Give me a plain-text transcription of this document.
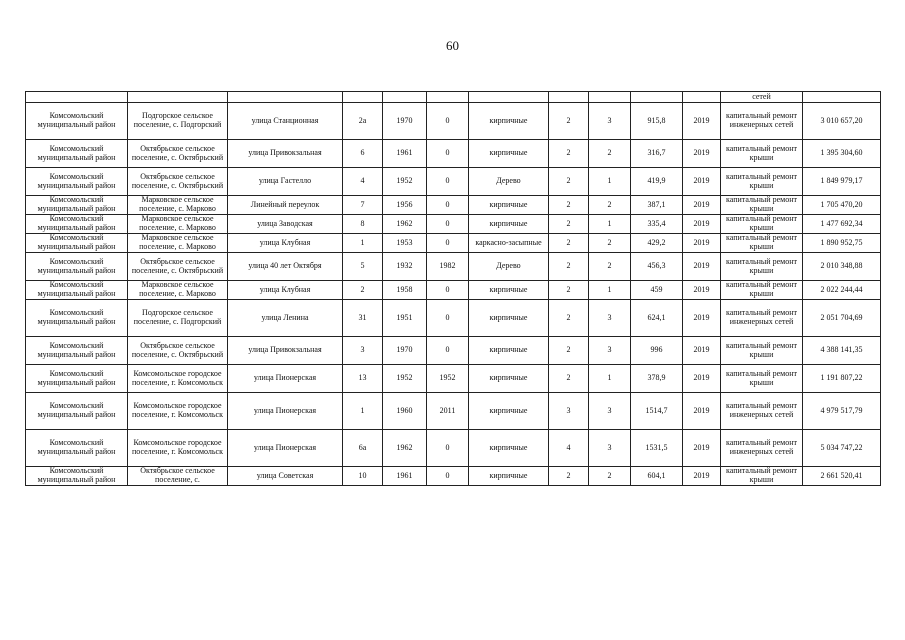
60
											сетей	
Комсомольский муниципальный район	Подгорское сельское поселение, с. Подгорский	улица Станционная	2а	1970	0	кирпичные	2	3	915,8	2019	капитальный ремонт инженерных сетей	3 010 657,20
Комсомольский муниципальный район	Октябрьское сельское поселение, с. Октябрьский	улица Привокзальная	6	1961	0	кирпичные	2	2	316,7	2019	капитальный ремонт крыши	1 395 304,60
Комсомольский муниципальный район	Октябрьское сельское поселение, с. Октябрьский	улица Гастелло	4	1952	0	Дерево	2	1	419,9	2019	капитальный ремонт крыши	1 849 979,17
Комсомольский муниципальный район	Марковское сельское поселение, с. Марково	Линейный переулок	7	1956	0	кирпичные	2	2	387,1	2019	капитальный ремонт крыши	1 705 470,20
Комсомольский муниципальный район	Марковское сельское поселение, с. Марково	улица Заводская	8	1962	0	кирпичные	2	1	335,4	2019	капитальный ремонт крыши	1 477 692,34
Комсомольский муниципальный район	Марковское сельское поселение, с. Марково	улица Клубная	1	1953	0	каркасно-засыпные	2	2	429,2	2019	капитальный ремонт крыши	1 890 952,75
Комсомольский муниципальный район	Октябрьское сельское поселение, с. Октябрьский	улица 40 лет Октября	5	1932	1982	Дерево	2	2	456,3	2019	капитальный ремонт крыши	2 010 348,88
Комсомольский муниципальный район	Марковское сельское поселение, с. Марково	улица Клубная	2	1958	0	кирпичные	2	1	459	2019	капитальный ремонт крыши	2 022 244,44
Комсомольский муниципальный район	Подгорское сельское поселение, с. Подгорский	улица Ленина	31	1951	0	кирпичные	2	3	624,1	2019	капитальный ремонт инженерных сетей	2 051 704,69
Комсомольский муниципальный район	Октябрьское сельское поселение, с. Октябрьский	улица Привокзальная	3	1970	0	кирпичные	2	3	996	2019	капитальный ремонт крыши	4 388 141,35
Комсомольский муниципальный район	Комсомольское городское поселение, г. Комсомольск	улица Пионерская	13	1952	1952	кирпичные	2	1	378,9	2019	капитальный ремонт крыши	1 191 807,22
Комсомольский муниципальный район	Комсомольское городское поселение, г. Комсомольск	улица Пионерская	1	1960	2011	кирпичные	3	3	1514,7	2019	капитальный ремонт инженерных сетей	4 979 517,79
Комсомольский муниципальный район	Комсомольское городское поселение, г. Комсомольск	улица Пионерская	6а	1962	0	кирпичные	4	3	1531,5	2019	капитальный ремонт инженерных сетей	5 034 747,22
Комсомольский муниципальный район	Октябрьское сельское поселение, с.	улица Советская	10	1961	0	кирпичные	2	2	604,1	2019	капитальный ремонт крыши	2 661 520,41
